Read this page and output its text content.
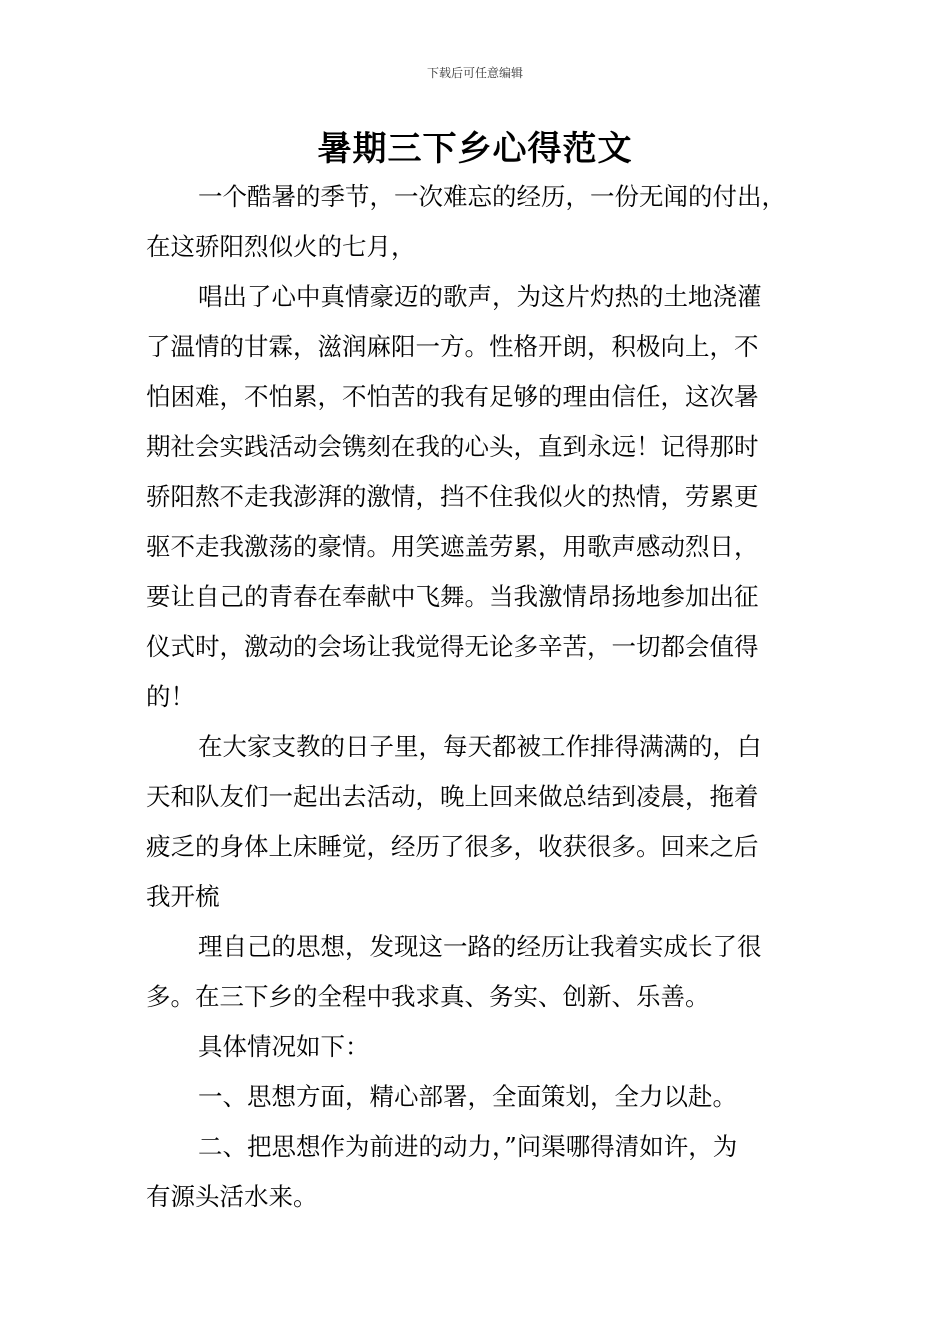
下载后可任意编辑
暑期三下乡心得范文
一个酷暑的季节，一次难忘的经历，一份无闻的付出，
在这骄阳烈似火的七月，
唱出了心中真情豪迈的歌声，为这片灼热的土地浇灌
了温情的甘霖，滋润麻阳一方。性格开朗，积极向上，不
怕困难，不怕累，不怕苦的我有足够的理由信任，这次暑
期社会实践活动会镌刻在我的心头，直到永远！记得那时
骄阳熬不走我澎湃的激情，挡不住我似火的热情，劳累更
驱不走我激荡的豪情。用笑遮盖劳累，用歌声感动烈日，
要让自己的青春在奉献中飞舞。当我激情昂扬地参加出征
仪式时，激动的会场让我觉得无论多辛苦，一切都会值得
的！
在大家支教的日子里，每天都被工作排得满满的，白
天和队友们一起出去活动，晚上回来做总结到凌晨，拖着
疲乏的身体上床睡觉，经历了很多，收获很多。回来之后
我开梳
理自己的思想，发现这一路的经历让我着实成长了很
多。在三下乡的全程中我求真、务实、创新、乐善。
具体情况如下：
一、思想方面，精心部署，全面策划，全力以赴。
二、把思想作为前进的动力，”问渠哪得清如许，为
有源头活水来。
